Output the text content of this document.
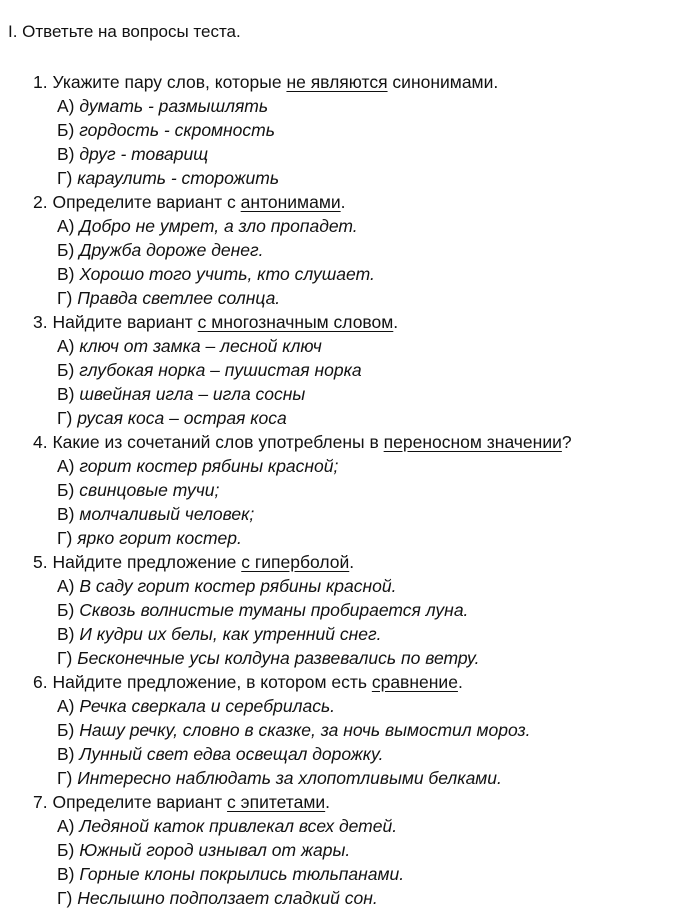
I. Ответьте на вопросы теста.
1. Укажите пару слов, которые не являются синонимами.
А) думать - размышлять
Б) гордость - скромность
В) друг - товарищ
Г) караулить - сторожить
2. Определите вариант с антонимами.
А) Добро не умрет, а зло пропадет.
Б) Дружба дороже денег.
В) Хорошо того учить, кто слушает.
Г) Правда светлее солнца.
3. Найдите вариант с многозначным словом.
А) ключ от замка – лесной ключ
Б) глубокая норка – пушистая норка
В) швейная игла – игла сосны
Г) русая коса – острая коса
4. Какие из сочетаний слов употреблены в переносном значении?
А) горит костер рябины красной;
Б) свинцовые тучи;
В) молчаливый человек;
Г) ярко горит костер.
5. Найдите предложение с гиперболой.
А) В саду горит костер рябины красной.
Б) Сквозь волнистые туманы пробирается луна.
В) И кудри их белы, как утренний снег.
Г) Бесконечные усы колдуна развевались по ветру.
6. Найдите предложение, в котором есть сравнение.
А) Речка сверкала и серебрилась.
Б) Нашу речку, словно в сказке, за ночь вымостил мороз.
В) Лунный свет едва освещал дорожку.
Г) Интересно наблюдать за хлопотливыми белками.
7. Определите вариант с эпитетами.
А) Ледяной каток привлекал всех детей.
Б) Южный город изнывал от жары.
В) Горные клоны покрылись тюльпанами.
Г) Неслышно подползает сладкий сон.
